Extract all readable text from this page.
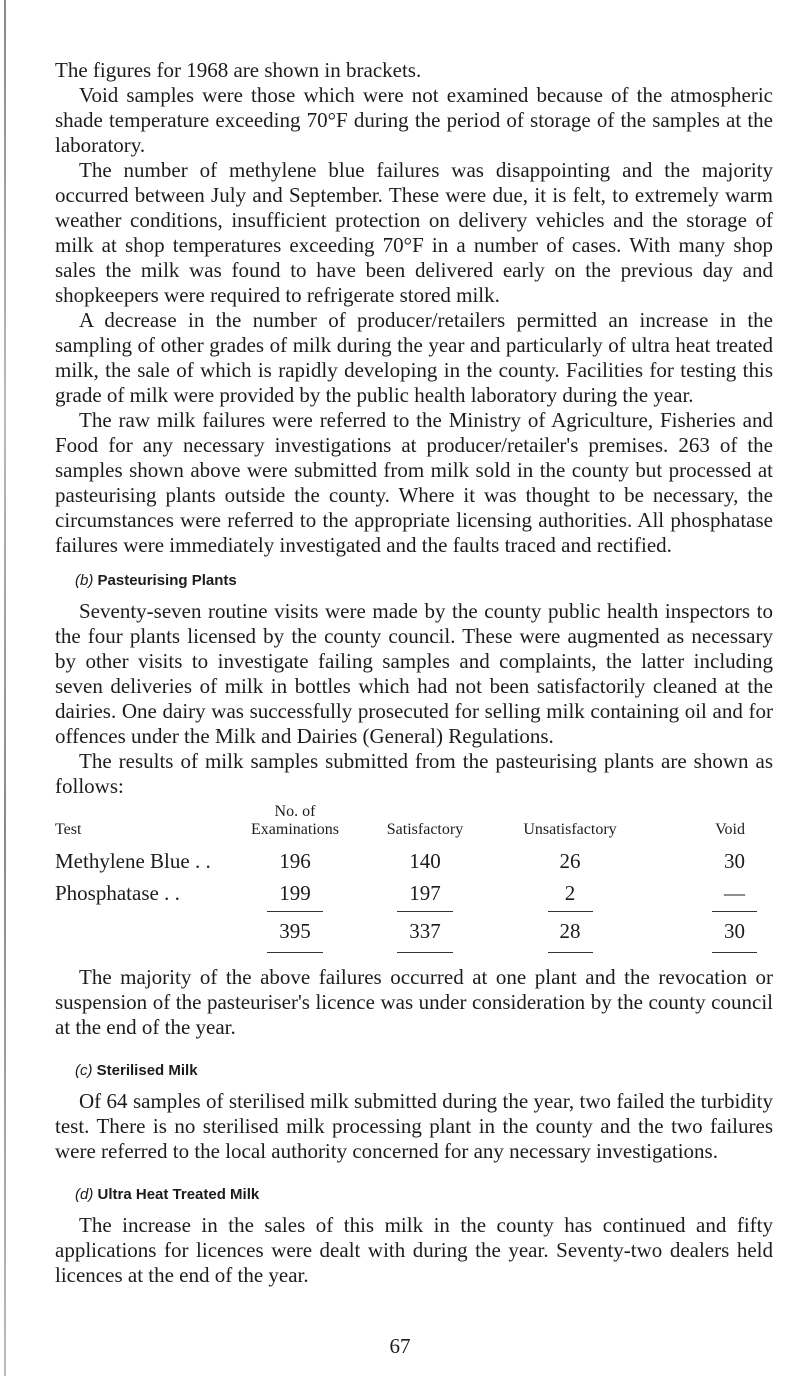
The figures for 1968 are shown in brackets.

Void samples were those which were not examined because of the atmospheric shade temperature exceeding 70°F during the period of storage of the samples at the laboratory.

The number of methylene blue failures was disappointing and the majority occurred between July and September. These were due, it is felt, to extremely warm weather conditions, insufficient protection on delivery vehicles and the storage of milk at shop temperatures exceeding 70°F in a number of cases. With many shop sales the milk was found to have been delivered early on the previous day and shopkeepers were required to refrigerate stored milk.

A decrease in the number of producer/retailers permitted an increase in the sampling of other grades of milk during the year and particularly of ultra heat treated milk, the sale of which is rapidly developing in the county. Facilities for testing this grade of milk were provided by the public health laboratory during the year.

The raw milk failures were referred to the Ministry of Agriculture, Fisheries and Food for any necessary investigations at producer/retailer's premises. 263 of the samples shown above were submitted from milk sold in the county but processed at pasteurising plants outside the county. Where it was thought to be necessary, the circumstances were referred to the appropriate licensing authorities. All phosphatase failures were immediately investigated and the faults traced and rectified.

(b) Pasteurising Plants

Seventy-seven routine visits were made by the county public health inspectors to the four plants licensed by the county council. These were augmented as necessary by other visits to investigate failing samples and complaints, the latter including seven deliveries of milk in bottles which had not been satisfactorily cleaned at the dairies. One dairy was successfully prosecuted for selling milk containing oil and for offences under the Milk and Dairies (General) Regulations.

The results of milk samples submitted from the pasteurising plants are shown as follows:

Test	No. of Examinations	Satisfactory	Unsatisfactory	Void
Methylene Blue . .	196	140	26	30
Phosphatase . .	199	197	2	—
	395	337	28	30

The majority of the above failures occurred at one plant and the revocation or suspension of the pasteuriser's licence was under consideration by the county council at the end of the year.

(c) Sterilised Milk

Of 64 samples of sterilised milk submitted during the year, two failed the turbidity test. There is no sterilised milk processing plant in the county and the two failures were referred to the local authority concerned for any necessary investigations.

(d) Ultra Heat Treated Milk

The increase in the sales of this milk in the county has continued and fifty applications for licences were dealt with during the year. Seventy-two dealers held licences at the end of the year.

67
